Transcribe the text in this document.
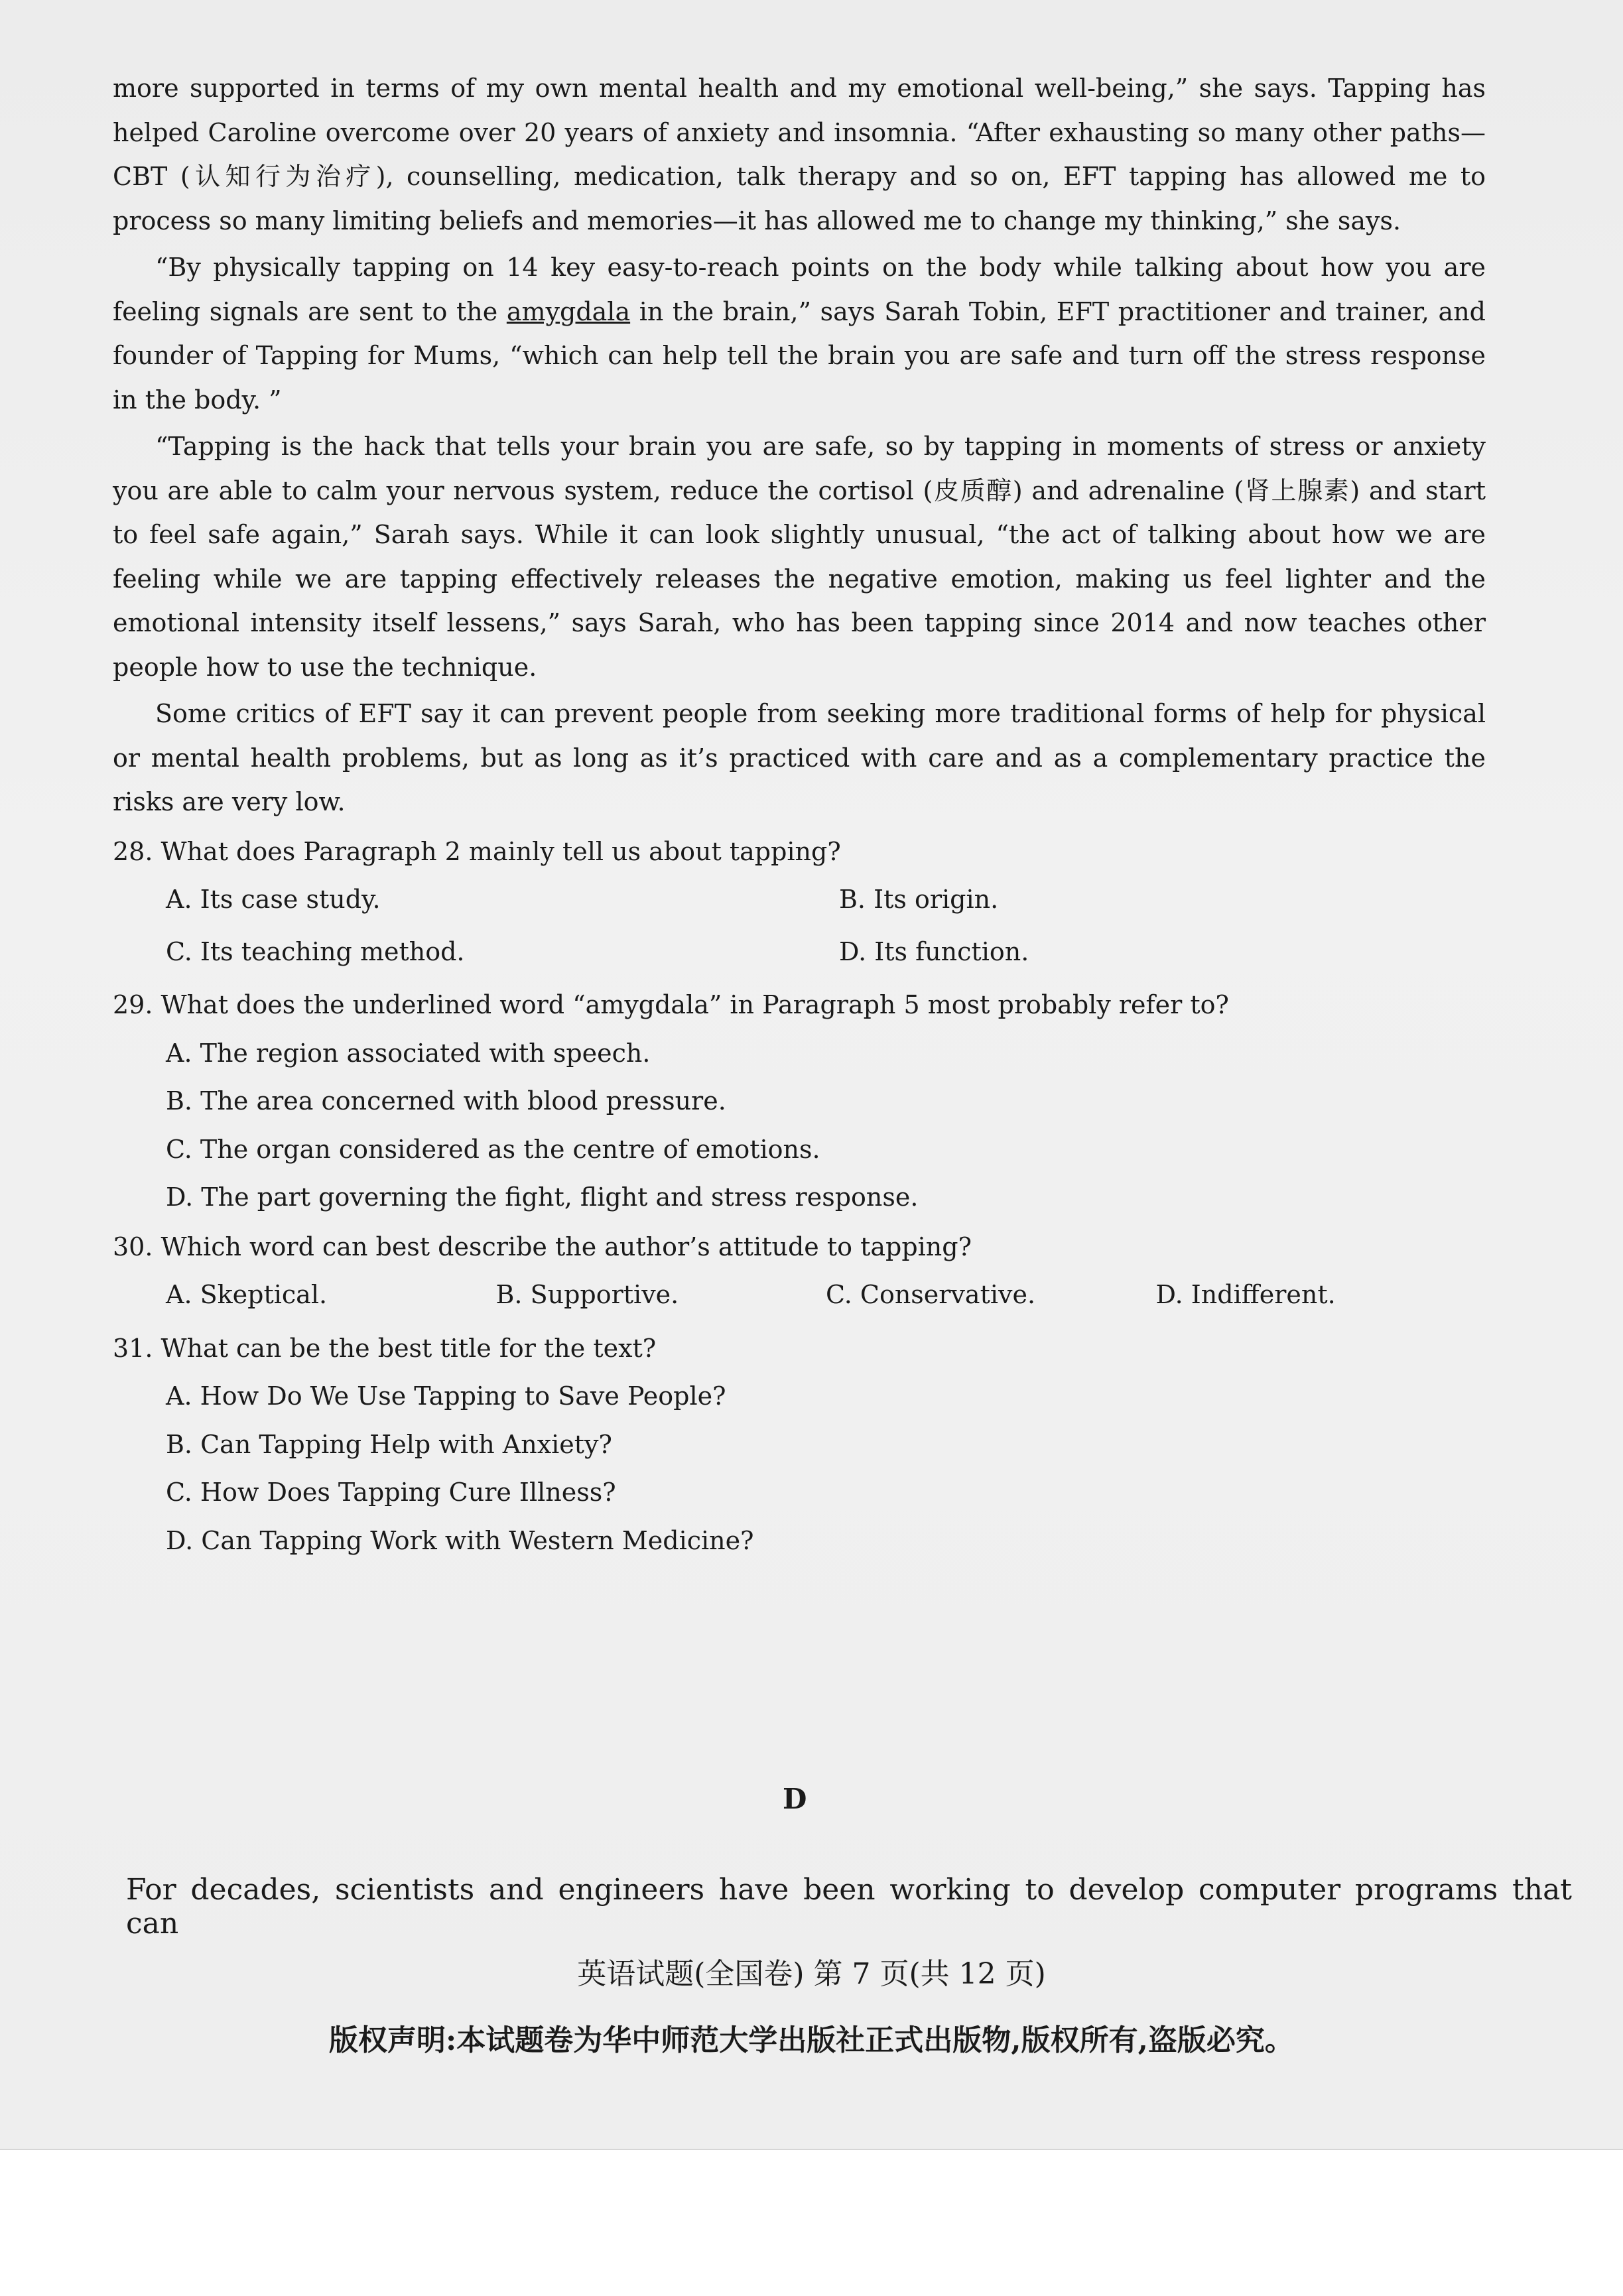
more supported in terms of my own mental health and my emotional well-being,” she says. Tapping has helped Caroline overcome over 20 years of anxiety and insomnia. “After exhausting so many other paths—CBT (认知行为治疗), counselling, medication, talk therapy and so on, EFT tapping has allowed me to process so many limiting beliefs and memories—it has allowed me to change my thinking,” she says.

“By physically tapping on 14 key easy-to-reach points on the body while talking about how you are feeling signals are sent to the amygdala in the brain,” says Sarah Tobin, EFT practitioner and trainer, and founder of Tapping for Mums, “which can help tell the brain you are safe and turn off the stress response in the body. ”

“Tapping is the hack that tells your brain you are safe, so by tapping in moments of stress or anxiety you are able to calm your nervous system, reduce the cortisol (皮质醇) and adrenaline (肾上腺素) and start to feel safe again,” Sarah says. While it can look slightly unusual, “the act of talking about how we are feeling while we are tapping effectively releases the negative emotion, making us feel lighter and the emotional intensity itself lessens,” says Sarah, who has been tapping since 2014 and now teaches other people how to use the technique.

Some critics of EFT say it can prevent people from seeking more traditional forms of help for physical or mental health problems, but as long as it’s practiced with care and as a complementary practice the risks are very low.

28. What does Paragraph 2 mainly tell us about tapping?

A. Its case study.	B. Its origin.
C. Its teaching method.	D. Its function.

29. What does the underlined word “amygdala” in Paragraph 5 most probably refer to?

A. The region associated with speech.
B. The area concerned with blood pressure.
C. The organ considered as the centre of emotions.
D. The part governing the fight, flight and stress response.

30. Which word can best describe the author’s attitude to tapping?

A. Skeptical.	B. Supportive.	C. Conservative.	D. Indifferent.

31. What can be the best title for the text?

A. How Do We Use Tapping to Save People?
B. Can Tapping Help with Anxiety?
C. How Does Tapping Cure Illness?
D. Can Tapping Work with Western Medicine?
D

For decades, scientists and engineers have been working to develop computer programs that can

英语试题(全国卷) 第 7 页(共 12 页)
版权声明:本试题卷为华中师范大学出版社正式出版物,版权所有,盗版必究。
